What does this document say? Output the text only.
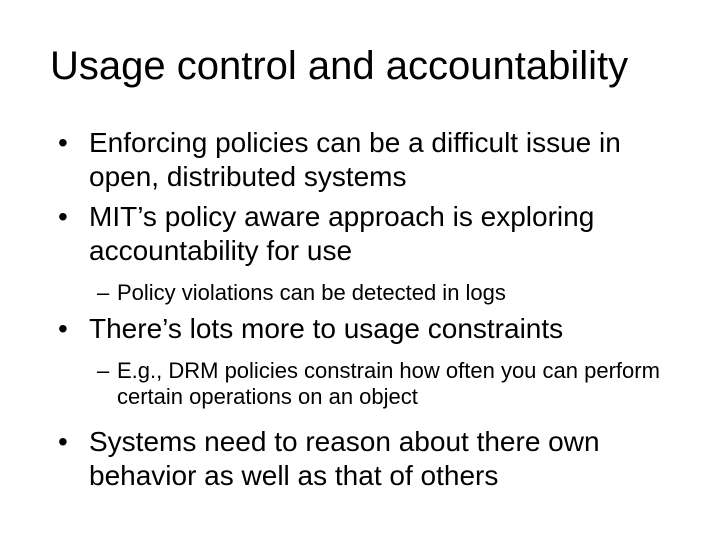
Usage control and accountability
• Enforcing policies can be a difficult issue in open, distributed systems
• MIT’s policy aware approach is exploring accountability for use
– Policy violations can be detected in logs
• There’s lots more to usage constraints
– E.g., DRM policies constrain how often you can perform certain operations on an object
• Systems need to reason about there own behavior as well as that of others
